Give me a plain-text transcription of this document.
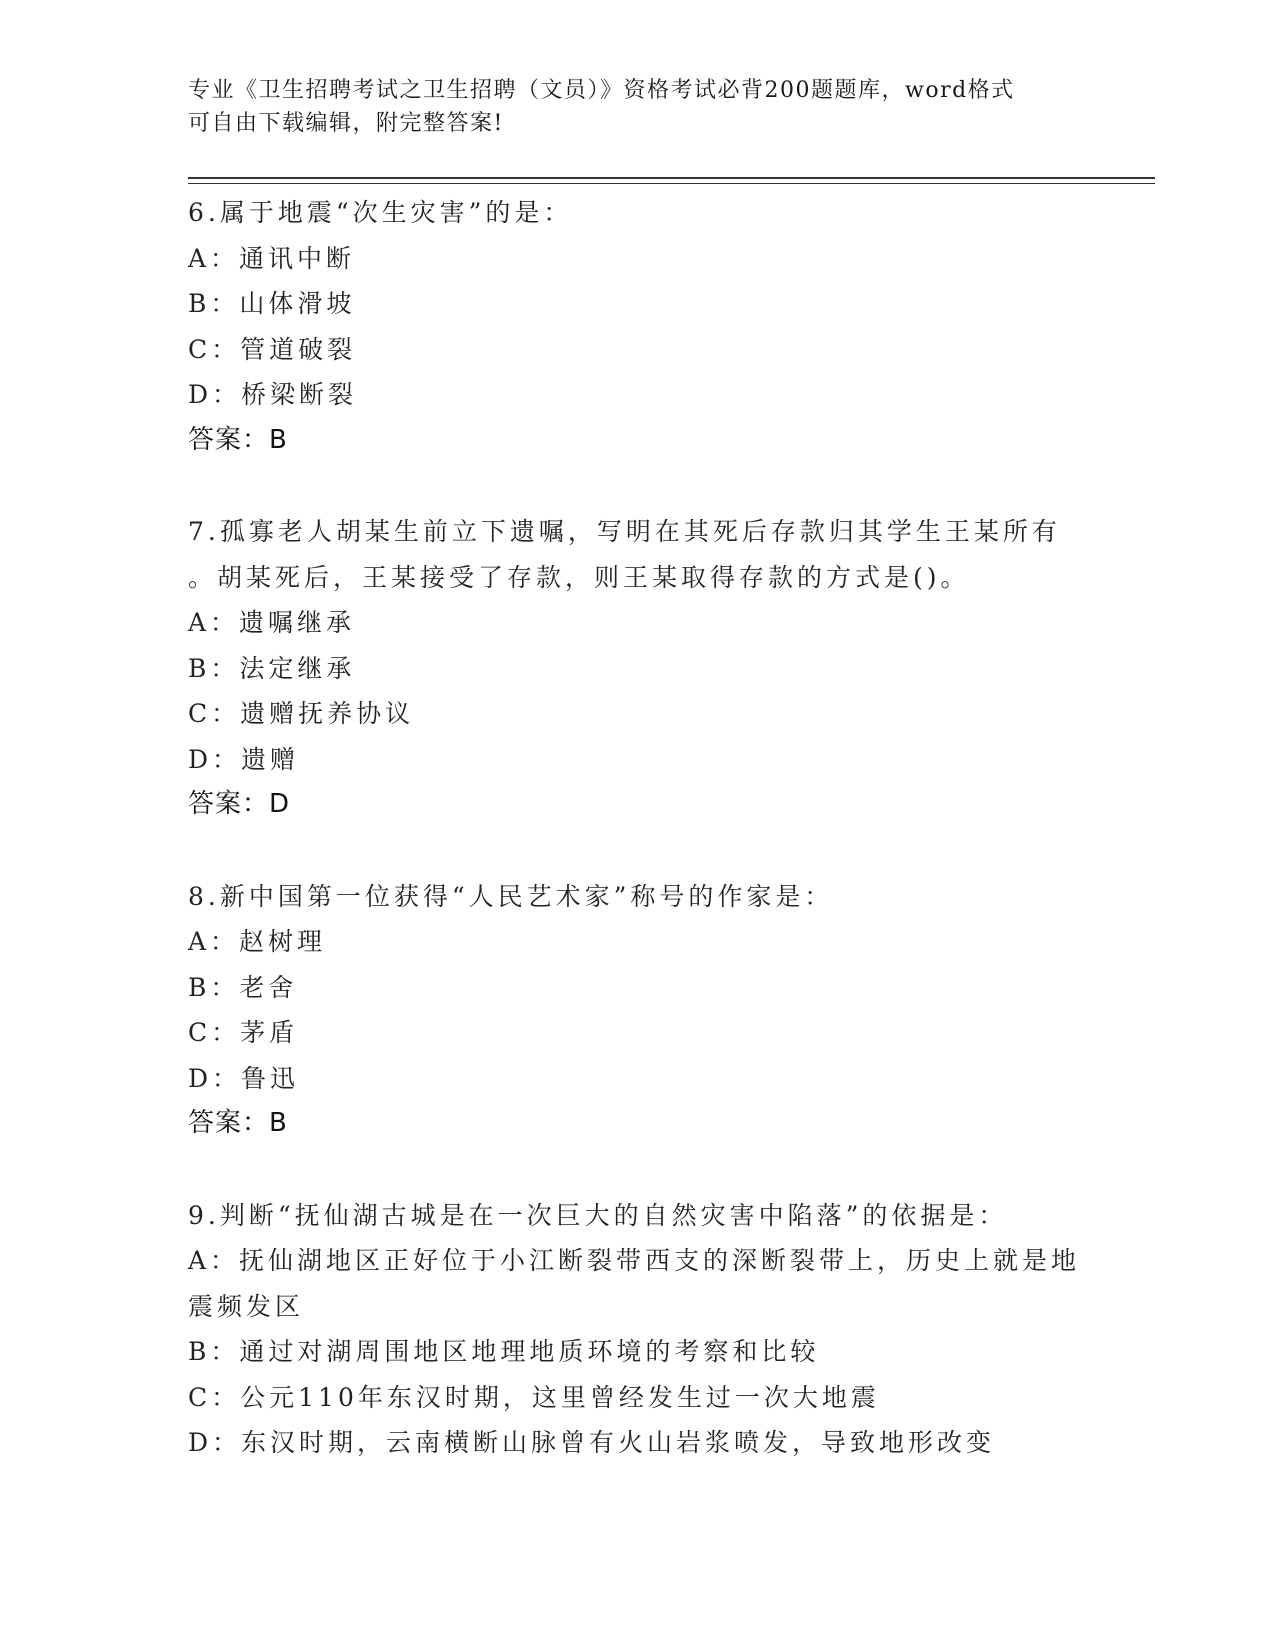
专业《卫生招聘考试之卫生招聘（文员）》资格考试必背200题题库，word格式
可自由下载编辑，附完整答案!
6.属于地震“次生灾害”的是：
A：通讯中断
B：山体滑坡
C：管道破裂
D：桥梁断裂
答案：B
7.孤寡老人胡某生前立下遗嘱，写明在其死后存款归其学生王某所有
。胡某死后，王某接受了存款，则王某取得存款的方式是()。
A：遗嘱继承
B：法定继承
C：遗赠抚养协议
D：遗赠
答案：D
8.新中国第一位获得“人民艺术家”称号的作家是：
A：赵树理
B：老舍
C：茅盾
D：鲁迅
答案：B
9.判断“抚仙湖古城是在一次巨大的自然灾害中陷落”的依据是：
A：抚仙湖地区正好位于小江断裂带西支的深断裂带上，历史上就是地
震频发区
B：通过对湖周围地区地理地质环境的考察和比较
C：公元110年东汉时期，这里曾经发生过一次大地震
D：东汉时期，云南横断山脉曾有火山岩浆喷发，导致地形改变
